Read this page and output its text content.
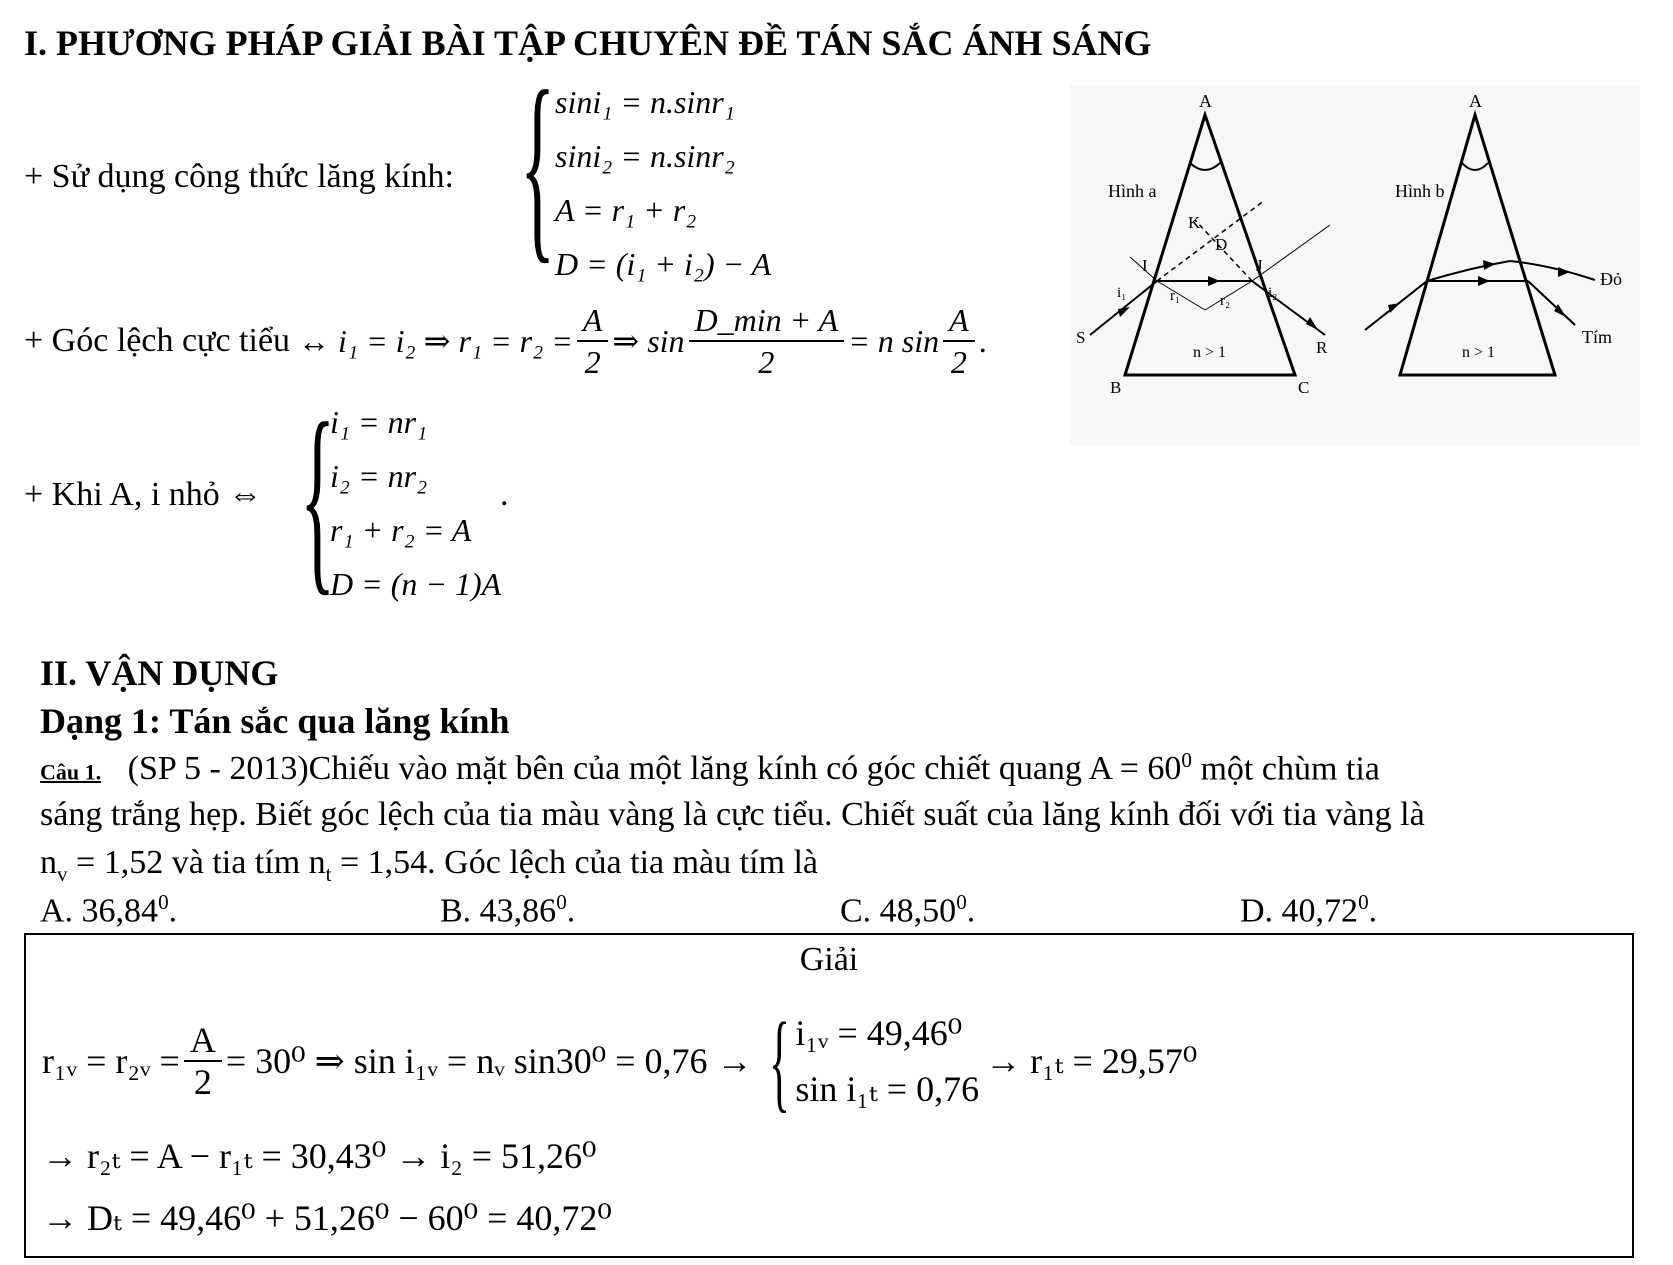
I. PHƯƠNG PHÁP GIẢI BÀI TẬP CHUYÊN ĐỀ TÁN SẮC ÁNH SÁNG
+ Sử dụng công thức lăng kính: { sini₁ = n.sinr₁
sini₂ = n.sinr₂
A = r₁ + r₂
D = (i₁ + i₂) − A
+ Góc lệch cực tiểu ↔ i₁ = i₂ ⇒ $r_1 = r_2 = \frac{A}{2}$ ⇒ $\sin \frac{D\_\min + A}{2} = n$ $\sin \frac{A}{2}$ .
+ Khi A, i nhỏ ⇔ {
i₁ = nr₁
i₂ = nr₂
r₁ + r₂ = A
D = (n − 1)A
.
A
Hình a
K
D
I	J
i₁	i₂
r₁	r₂
S
R
n > 1
B	C
A
Hình b
Đỏ
Tím
n > 1
II. VẬN DỤNG
Dạng 1: Tán sắc qua lăng kính
Câu 1. (SP 5 - 2013)Chiếu vào mặt bên của một lăng kính có góc chiết quang $A = 60^0$ một chùm tia
sáng trắng hẹp. Biết góc lệch của tia màu vàng là cực tiểu. Chiết suất của lăng kính đối với tia vàng là
$n_v = 1,52$ và tia tím $n_t = 1,54$. Góc lệch của tia màu tím là
A. 36,84$^0$.	B. 43,86$^0$.	C. 48,50$^0$.	D. 40,72$^0$.
Giải
r₁ᵥ = r₂ᵥ = $\frac{A}{2} = 30^0$ ⇒ sin i₁ᵥ = nᵥ sin30⁰ = 0,76 → { i₁ᵥ = 49,46⁰
sin i₁ₜ = 0,76
→ r₁ₜ = 29,57⁰
→ r₂ₜ = A − r₁ₜ = 30,43⁰ → i₂ = 51,26⁰
→ Dₜ = 49,46⁰ + 51,26⁰ − 60⁰ = 40,72⁰
